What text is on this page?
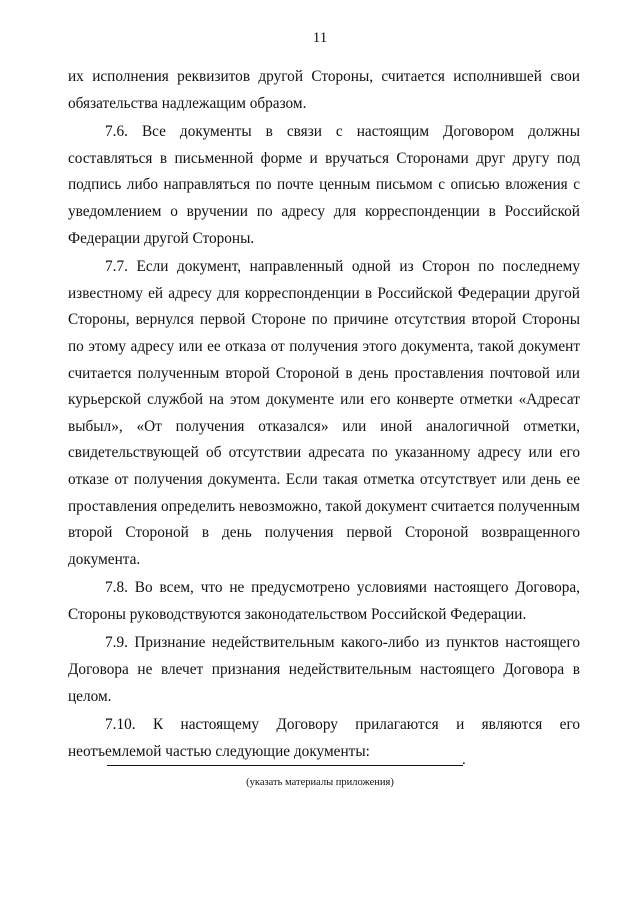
11

их исполнения реквизитов другой Стороны, считается исполнившей свои обязательства надлежащим образом.

7.6. Все документы в связи с настоящим Договором должны составляться в письменной форме и вручаться Сторонами друг другу под подпись либо направляться по почте ценным письмом с описью вложения с уведомлением о вручении по адресу для корреспонденции в Российской Федерации другой Стороны.

7.7. Если документ, направленный одной из Сторон по последнему известному ей адресу для корреспонденции в Российской Федерации другой Стороны, вернулся первой Стороне по причине отсутствия второй Стороны по этому адресу или ее отказа от получения этого документа, такой документ считается полученным второй Стороной в день проставления почтовой или курьерской службой на этом документе или его конверте отметки «Адресат выбыл», «От получения отказался» или иной аналогичной отметки, свидетельствующей об отсутствии адресата по указанному адресу или его отказе от получения документа. Если такая отметка отсутствует или день ее проставления определить невозможно, такой документ считается полученным второй Стороной в день получения первой Стороной возвращенного документа.

7.8. Во всем, что не предусмотрено условиями настоящего Договора, Стороны руководствуются законодательством Российской Федерации.

7.9. Признание недействительным какого-либо из пунктов настоящего Договора не влечет признания недействительным настоящего Договора в целом.

7.10. К настоящему Договору прилагаются и являются его неотъемлемой частью следующие документы:

.
(указать материалы приложения)
